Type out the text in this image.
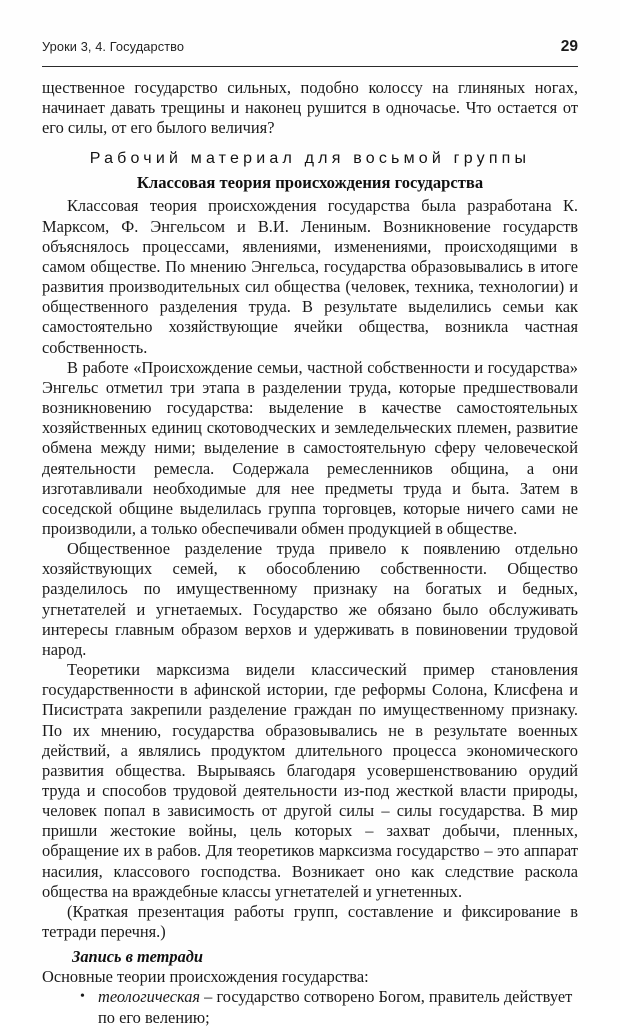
Уроки 3, 4. Государство	29

щественное государство сильных, подобно колоссу на глиняных ногах, начинает давать трещины и наконец рушится в одночасье. Что остается от его силы, от его былого величия?

Рабочий материал для восьмой группы
Классовая теория происхождения государства

Классовая теория происхождения государства была разработана К. Марксом, Ф. Энгельсом и В.И. Лениным. Возникновение государств объяснялось процессами, явлениями, изменениями, происходящими в самом обществе. По мнению Энгельса, государства образовывались в итоге развития производительных сил общества (человек, техника, технологии) и общественного разделения труда. В результате выделились семьи как самостоятельно хозяйствующие ячейки общества, возникла частная собственность.

В работе «Происхождение семьи, частной собственности и государства» Энгельс отметил три этапа в разделении труда, которые предшествовали возникновению государства: выделение в качестве самостоятельных хозяйственных единиц скотоводческих и земледельческих племен, развитие обмена между ними; выделение в самостоятельную сферу человеческой деятельности ремесла. Содержала ремесленников община, а они изготавливали необходимые для нее предметы труда и быта. Затем в соседской общине выделилась группа торговцев, которые ничего сами не производили, а только обеспечивали обмен продукцией в обществе.

Общественное разделение труда привело к появлению отдельно хозяйствующих семей, к обособлению собственности. Общество разделилось по имущественному признаку на богатых и бедных, угнетателей и угнетаемых. Государство же обязано было обслуживать интересы главным образом верхов и удерживать в повиновении трудовой народ.

Теоретики марксизма видели классический пример становления государственности в афинской истории, где реформы Солона, Клисфена и Писистрата закрепили разделение граждан по имущественному признаку. По их мнению, государства образовывались не в результате военных действий, а являлись продуктом длительного процесса экономического развития общества. Вырываясь благодаря усовершенствованию орудий труда и способов трудовой деятельности из-под жесткой власти природы, человек попал в зависимость от другой силы – силы государства. В мир пришли жестокие войны, цель которых – захват добычи, пленных, обращение их в рабов. Для теоретиков марксизма государство – это аппарат насилия, классового господства. Возникает оно как следствие раскола общества на враждебные классы угнетателей и угнетенных.

(Краткая презентация работы групп, составление и фиксирование в тетради перечня.)

Запись в тетради

Основные теории происхождения государства:

• теологическая – государство сотворено Богом, правитель действует по его велению;
